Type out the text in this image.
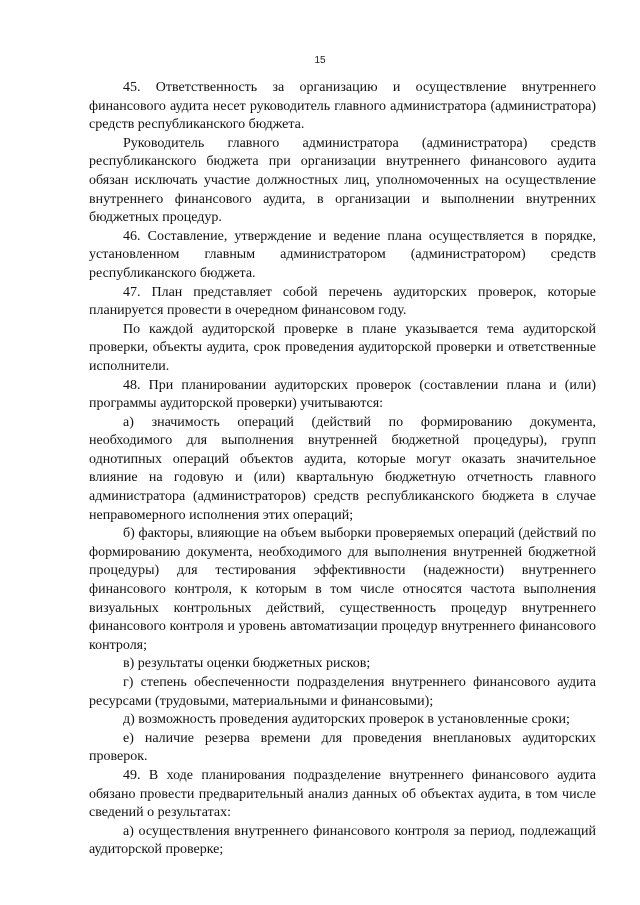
15

45. Ответственность за организацию и осуществление внутреннего финансового аудита несет руководитель главного администратора (администратора) средств республиканского бюджета.

Руководитель главного администратора (администратора) средств республиканского бюджета при организации внутреннего финансового аудита обязан исключать участие должностных лиц, уполномоченных на осуществление внутреннего финансового аудита, в организации и выполнении внутренних бюджетных процедур.

46. Составление, утверждение и ведение плана осуществляется в порядке, установленном главным администратором (администратором) средств республиканского бюджета.

47. План представляет собой перечень аудиторских проверок, которые планируется провести в очередном финансовом году.

По каждой аудиторской проверке в плане указывается тема аудиторской проверки, объекты аудита, срок проведения аудиторской проверки и ответственные исполнители.

48. При планировании аудиторских проверок (составлении плана и (или) программы аудиторской проверки) учитываются:

а) значимость операций (действий по формированию документа, необходимого для выполнения внутренней бюджетной процедуры), групп однотипных операций объектов аудита, которые могут оказать значительное влияние на годовую и (или) квартальную бюджетную отчетность главного администратора (администраторов) средств республиканского бюджета в случае неправомерного исполнения этих операций;

б) факторы, влияющие на объем выборки проверяемых операций (действий по формированию документа, необходимого для выполнения внутренней бюджетной процедуры) для тестирования эффективности (надежности) внутреннего финансового контроля, к которым в том числе относятся частота выполнения визуальных контрольных действий, существенность процедур внутреннего финансового контроля и уровень автоматизации процедур внутреннего финансового контроля;

в) результаты оценки бюджетных рисков;

г) степень обеспеченности подразделения внутреннего финансового аудита ресурсами (трудовыми, материальными и финансовыми);

д) возможность проведения аудиторских проверок в установленные сроки;

е) наличие резерва времени для проведения внеплановых аудиторских проверок.

49. В ходе планирования подразделение внутреннего финансового аудита обязано провести предварительный анализ данных об объектах аудита, в том числе сведений о результатах:

а) осуществления внутреннего финансового контроля за период, подлежащий аудиторской проверке;
